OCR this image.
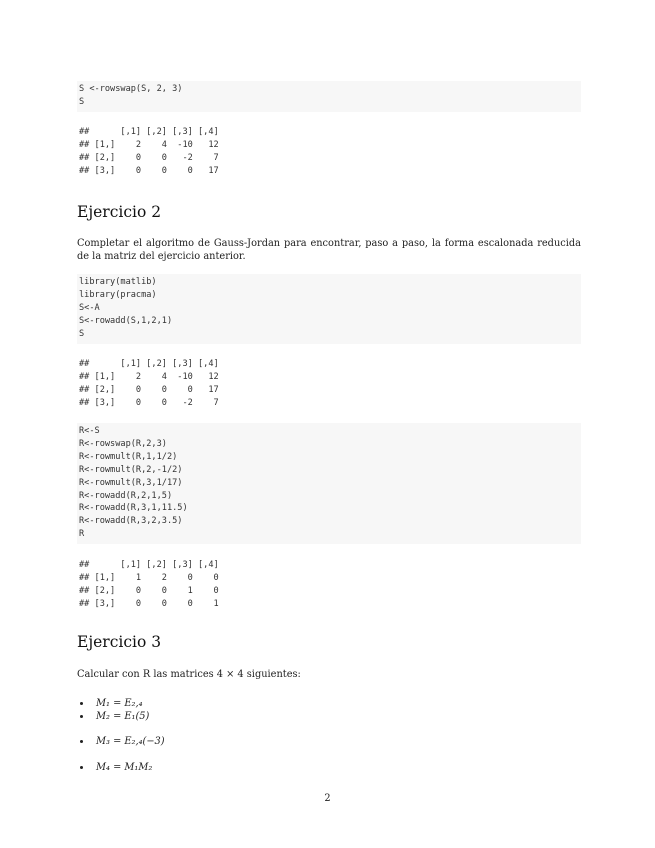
S <-rowswap(S, 2, 3)
S
##      [,1] [,2] [,3] [,4]
## [1,]    2    4  -10   12
## [2,]    0    0   -2    7
## [3,]    0    0    0   17
Ejercicio 2

Completar el algoritmo de Gauss-Jordan para encontrar, paso a paso, la forma escalonada reducida de la matriz del ejercicio anterior.

library(matlib)
library(pracma)
S<-A
S<-rowadd(S,1,2,1)
S
##      [,1] [,2] [,3] [,4]
## [1,]    2    4  -10   12
## [2,]    0    0    0   17
## [3,]    0    0   -2    7
R<-S
R<-rowswap(R,2,3)
R<-rowmult(R,1,1/2)
R<-rowmult(R,2,-1/2)
R<-rowmult(R,3,1/17)
R<-rowadd(R,2,1,5)
R<-rowadd(R,3,1,11.5)
R<-rowadd(R,3,2,3.5)
R
##      [,1] [,2] [,3] [,4]
## [1,]    1    2    0    0
## [2,]    0    0    1    0
## [3,]    0    0    0    1
Ejercicio 3

Calcular con R las matrices 4 × 4 siguientes:

• M₁ = E₂,₄
• M₂ = E₁(5)
• M₃ = E₂,₄(−3)
• M₄ = M₁M₂
2
